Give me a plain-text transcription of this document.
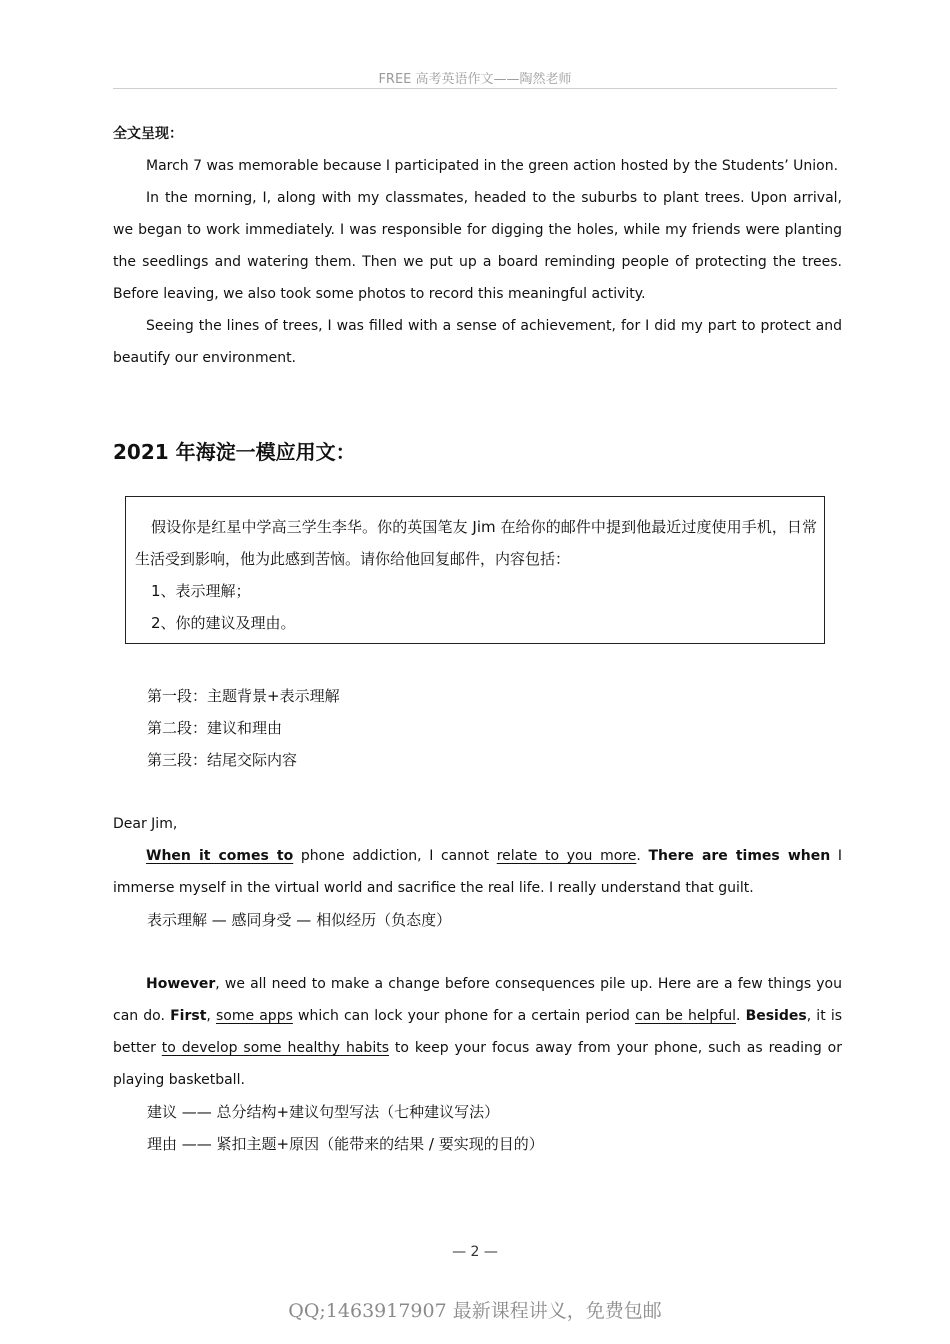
FREE 高考英语作文——陶然老师
全文呈现：
March 7 was memorable because I participated in the green action hosted by the Students’ Union.
In the morning, I, along with my classmates, headed to the suburbs to plant trees. Upon arrival, we began to work immediately. I was responsible for digging the holes, while my friends were planting the seedlings and watering them. Then we put up a board reminding people of protecting the trees. Before leaving, we also took some photos to record this meaningful activity.
Seeing the lines of trees, I was filled with a sense of achievement, for I did my part to protect and beautify our environment.
2021 年海淀一模应用文：
假设你是红星中学高三学生李华。你的英国笔友 Jim 在给你的邮件中提到他最近过度使用手机，日常生活受到影响，他为此感到苦恼。请你给他回复邮件，内容包括：
1、表示理解；
2、你的建议及理由。
第一段：主题背景+表示理解
第二段：建议和理由
第三段：结尾交际内容
Dear Jim,
When it comes to phone addiction, I cannot relate to you more. There are times when I immerse myself in the virtual world and sacrifice the real life. I really understand that guilt.
表示理解 — 感同身受 — 相似经历（负态度）
However, we all need to make a change before consequences pile up. Here are a few things you can do. First, some apps which can lock your phone for a certain period can be helpful. Besides, it is better to develop some healthy habits to keep your focus away from your phone, such as reading or playing basketball.
建议 —— 总分结构+建议句型写法（七种建议写法）
理由 —— 紧扣主题+原因（能带来的结果 / 要实现的目的）
— 2 —
QQ;1463917907 最新课程讲义，免费包邮
